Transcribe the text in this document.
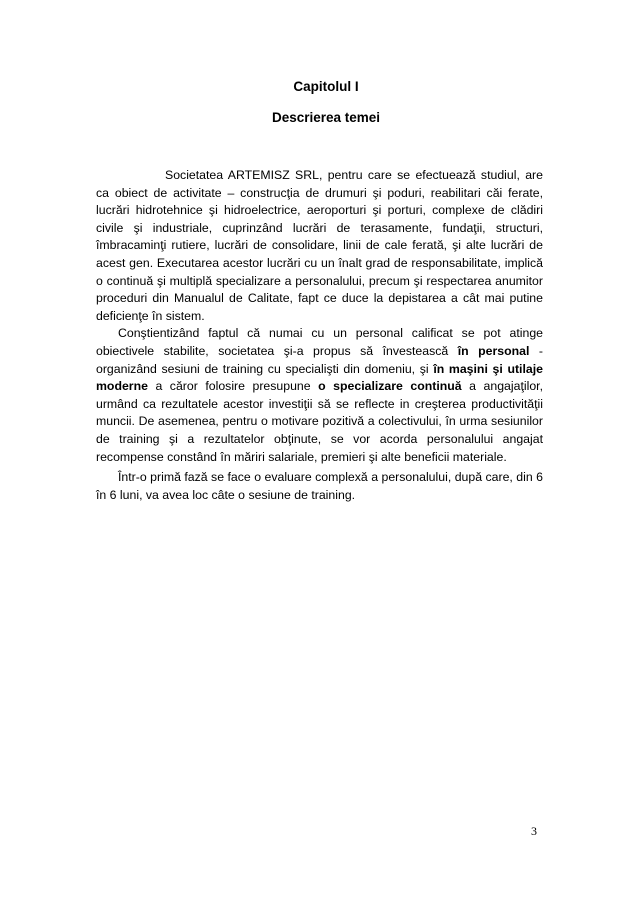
Capitolul I
Descrierea temei

Societatea ARTEMISZ SRL, pentru care se efectuează studiul, are ca obiect de activitate – construcţia de drumuri şi poduri, reabilitari căi ferate, lucrări hidrotehnice şi hidroelectrice, aeroporturi şi porturi, complexe de clădiri civile şi industriale, cuprinzând lucrări de terasamente, fundaţii, structuri, îmbracaminţi rutiere, lucrări de consolidare, linii de cale ferată, şi alte lucrări de acest gen. Executarea acestor lucrări cu un înalt grad de responsabilitate, implică o continuă şi multiplă specializare a personalului, precum şi respectarea anumitor proceduri din Manualul de Calitate, fapt ce duce la depistarea a cât mai putine deficienţe în sistem.

Conştientizând faptul că numai cu un personal calificat se pot atinge obiectivele stabilite, societatea şi-a propus să învestească în personal - organizând sesiuni de training cu specialişti din domeniu, şi în maşini şi utilaje moderne a căror folosire presupune o specializare continuă a angajaţilor, urmând ca rezultatele acestor investiţii să se reflecte in creşterea productivităţii muncii. De asemenea, pentru o motivare pozitivă a colectivului, în urma sesiunilor de training şi a rezultatelor obţinute, se vor acorda personalului angajat recompense constând în măriri salariale, premieri şi alte beneficii materiale.

Într-o primă fază se face o evaluare complexă a personalului, după care, din 6 în 6 luni, va avea loc câte o sesiune de training.

3
